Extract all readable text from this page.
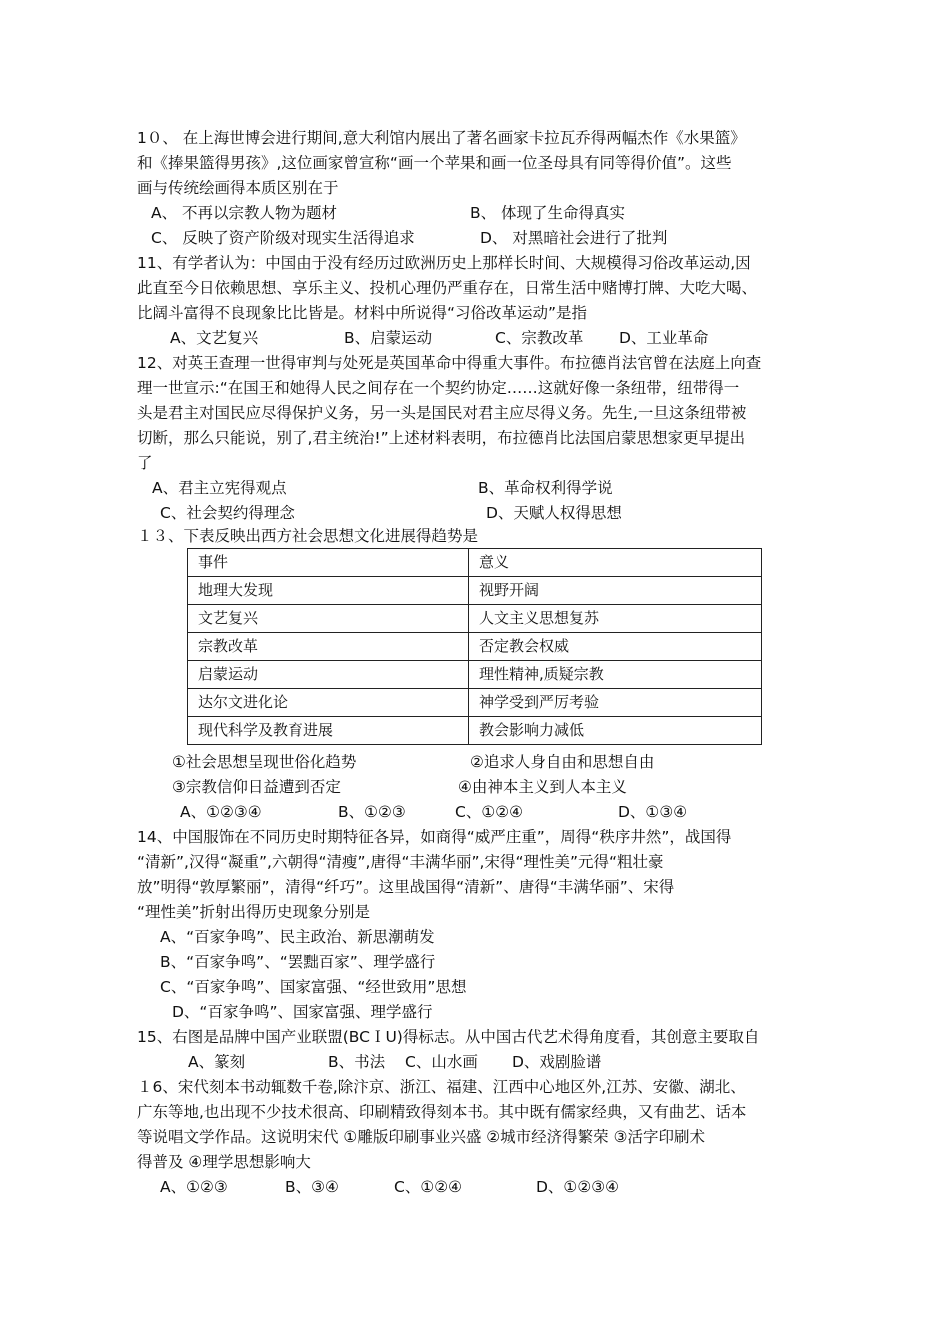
1０、 在上海世博会进行期间,意大利馆内展出了著名画家卡拉瓦乔得两幅杰作《水果篮》
和《捧果篮得男孩》,这位画家曾宣称“画一个苹果和画一位圣母具有同等得价值”。这些
画与传统绘画得本质区别在于
A、 不再以宗教人物为题材	B、 体现了生命得真实
C、 反映了资产阶级对现实生活得追求	D、 对黑暗社会进行了批判
11、有学者认为：中国由于没有经历过欧洲历史上那样长时间、大规模得习俗改革运动,因
此直至今日依赖思想、享乐主义、投机心理仍严重存在，日常生活中赌博打牌、大吃大喝、
比阔斗富得不良现象比比皆是。材料中所说得“习俗改革运动”是指
A、文艺复兴	B、启蒙运动	C、宗教改革 D、工业革命
12、对英王查理一世得审判与处死是英国革命中得重大事件。布拉德肖法官曾在法庭上向查
理一世宣示:“在国王和她得人民之间存在一个契约协定……这就好像一条纽带，纽带得一
头是君主对国民应尽得保护义务，另一头是国民对君主应尽得义务。先生,一旦这条纽带被
切断，那么只能说，别了,君主统治!”上述材料表明，布拉德肖比法国启蒙思想家更早提出
了
A、君主立宪得观点	B、革命权利得学说
C、社会契约得理念	D、天赋人权得思想
１３、下表反映出西方社会思想文化进展得趋势是
事件	意义
地理大发现	视野开阔
文艺复兴	人文主义思想复苏
宗教改革	否定教会权威
启蒙运动	理性精神,质疑宗教
达尔文进化论	神学受到严厉考验
现代科学及教育进展	教会影响力减低
①社会思想呈现世俗化趋势	②追求人身自由和思想自由
③宗教信仰日益遭到否定	④由神本主义到人本主义
A、①②③④	B、①②③	C、①②④	D、①③④
14、中国服饰在不同历史时期特征各异，如商得“威严庄重”，周得“秩序井然”，战国得
“清新”,汉得“凝重”,六朝得“清瘦”,唐得“丰满华丽”,宋得“理性美”元得“粗壮豪
放”明得“敦厚繁丽”，清得“纤巧”。这里战国得“清新”、唐得“丰满华丽”、宋得
“理性美”折射出得历史现象分别是
A、“百家争鸣”、民主政治、新思潮萌发
B、“百家争鸣”、“罢黜百家”、理学盛行
C、“百家争鸣”、国家富强、“经世致用”思想
D、“百家争鸣”、国家富强、理学盛行
15、右图是品牌中国产业联盟(BCＩU)得标志。从中国古代艺术得角度看，其创意主要取自
A、篆刻	B、书法 C、山水画 D、戏剧脸谱
１6、宋代刻本书动辄数千卷,除汴京、浙江、福建、江西中心地区外,江苏、安徽、湖北、
广东等地,也出现不少技术很高、印刷精致得刻本书。其中既有儒家经典，又有曲艺、话本
等说唱文学作品。这说明宋代 ①雕版印刷事业兴盛 ②城市经济得繁荣 ③活字印刷术
得普及 ④理学思想影响大
A、①②③	B、③④	C、①②④	D、①②③④
